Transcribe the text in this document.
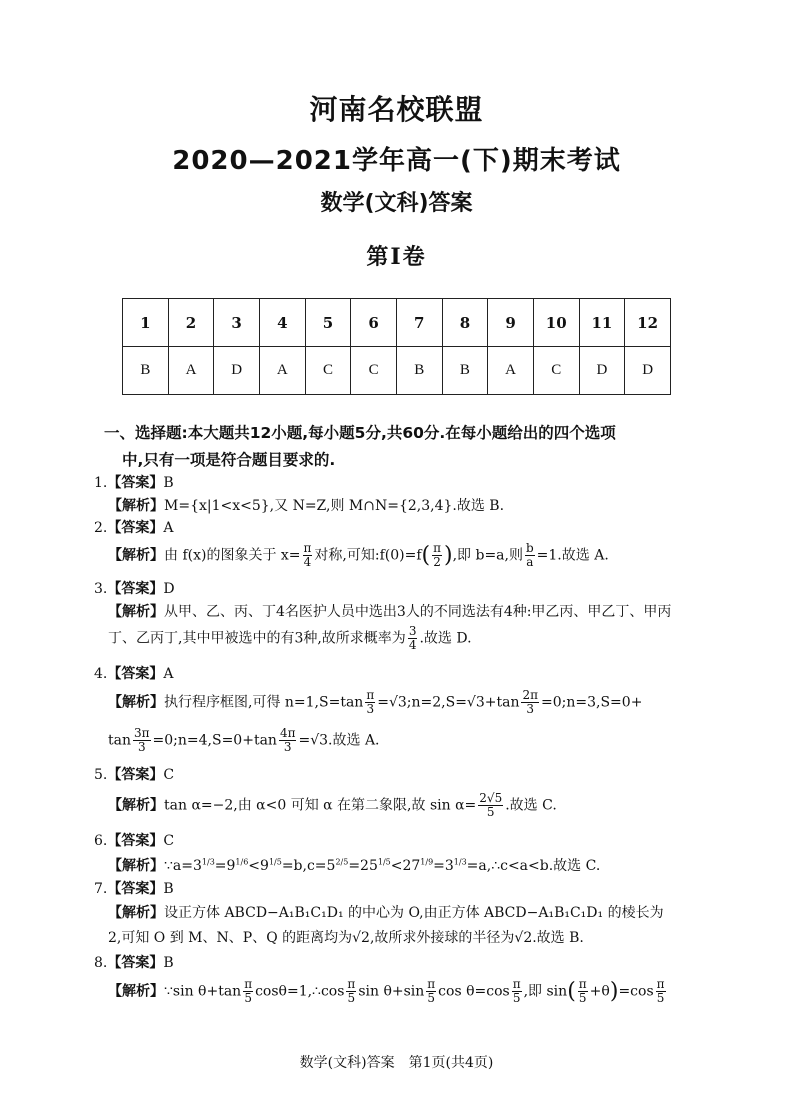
河南名校联盟
2020—2021学年高一(下)期末考试
数学(文科)答案
第Ⅰ卷
1	2	3	4	5	6	7	8	9	10	11	12
B	A	D	A	C	C	B	B	A	C	D	D
一、选择题:本大题共12小题,每小题5分,共60分.在每小题给出的四个选项
中,只有一项是符合题目要求的.
1.【答案】B
【解析】M={x|1<x<5},又 N=Z,则 M∩N={2,3,4}.故选 B.
2.【答案】A
【解析】由 f(x)的图象关于 $x= \frac{\pi}{4}$ 对称,可知:f(0)=f( $\frac{\pi}{2}$ ),即 b=a,则 $\frac{b}{a} =1$.故选 A.
3.【答案】D
【解析】从甲、乙、丙、丁4名医护人员中选出3人的不同选法有4种:甲乙丙、甲乙丁、甲丙
丁、乙丙丁,其中甲被选中的有3种,故所求概率为 $\frac{3}{4}$ .故选 D.
4.【答案】A
【解析】执行程序框图,可得 $n=1,S=\tan \frac{\pi}{3}$ =√3;n=2,S=√3+tan $\frac{2\pi}{3}$ =0;n=3,S=0+
$\tan \frac{3\pi}{3}$ =0;n=4,S=0+tan $\frac{4\pi}{3} =√3$.故选 A.
5.【答案】C
【解析】tan α=−2,由 α<0 可知 α 在第二象限,故 $\sin \alpha= \frac{2√5}{5}$ .故选 C.
6.【答案】C
【解析】$\because a=3^{1/3}=9^{1/6}<9^{1/5}=b,c=5^{2/5}=25^{1/5}<27^{1/9}=3^{1/3}=a,\therefore c<a<b$.故选 C.
7.【答案】B
【解析】设正方体 ABCD−A₁B₁C₁D₁ 的中心为 O,由正方体 ABCD−A₁B₁C₁D₁ 的棱长为
2,可知 O 到 M、N、P、Q 的距离均为√2,故所求外接球的半径为√2.故选 B.
8.【答案】B
【解析】∵sin $\theta+\tan \frac{\pi}{5}$ cosθ=1,∴cos $\frac{\pi}{5}$ $\sin \theta+\sin \frac{\pi}{5}$ $\cos \theta=\cos \frac{\pi}{5}$ ,即 $\sin( \frac{\pi}{5} +\theta)=\cos \frac{\pi}{5}$
数学(文科)答案　第1页(共4页)
